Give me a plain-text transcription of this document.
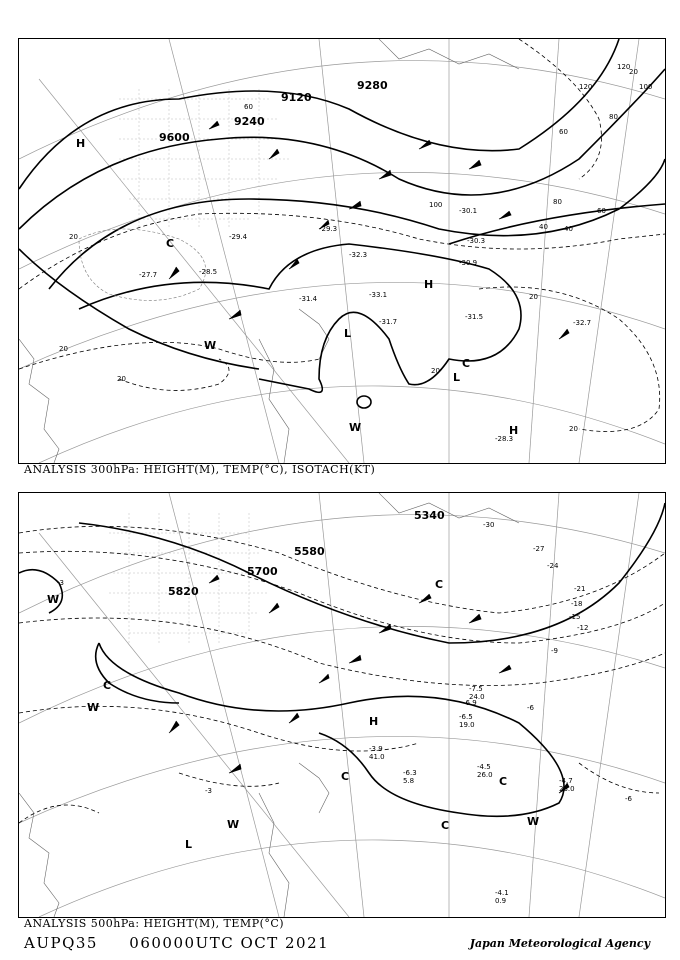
9600
9120
9240
9280
20
20
20
20
20
20
40
60
60
80
100
120	100
120
80
60
40
20
H
C
H
L
L
C
H
W
W
-28.3
-31.5
-32.7
-30.1
-30.3
-31.7
-32.3
-29.3
-30.9
-31.4	-33.1
-27.7	-28.5
-29.4
ANALYSIS 300hPa: HEIGHT(M), TEMP(°C), ISOTACH(KT)
5700
5820
5580
5340
-3
-3
-6
-6
-9
-12
-15
-18
-21
-24
-27
-30
W
C
H
C	C
C	W
W
L
C
W
-4.5
26.0
-4.7
23.0
-4.1
0.9
-6.5
19.0
-6.9
-7.5
24.0
-3.9
41.0
-6.3
5.8
ANALYSIS 500hPa: HEIGHT(M), TEMP(°C)
AUPQ35 060000UTC OCT 2021	Japan Meteorological Agency
